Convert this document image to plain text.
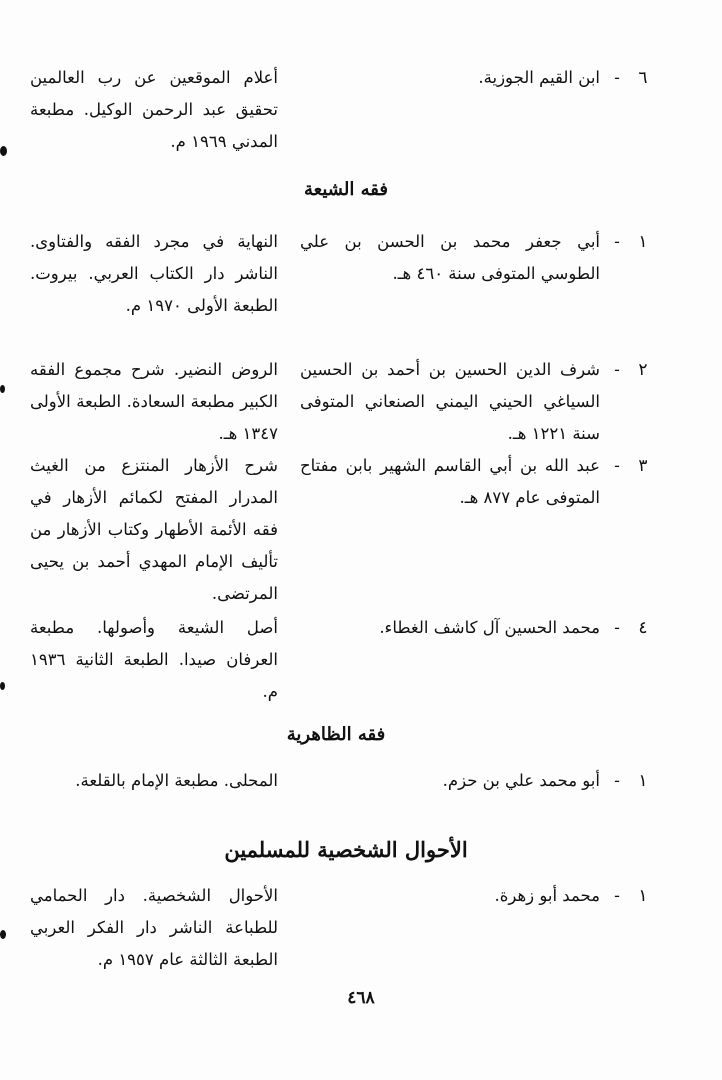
٦
-
ابن القيم الجوزية.
أعلام الموقعين عن رب العالمين تحقيق عبد الرحمن الوكيل. مطبعة المدني ١٩٦٩ م.
فقه الشيعة
١
-
أبي جعفر محمد بن الحسن بن علي الطوسي المتوفى سنة ٤٦٠ هـ.
النهاية في مجرد الفقه والفتاوى. الناشر دار الكتاب العربي. بيروت. الطبعة الأولى ١٩٧٠ م.
٢
-
شرف الدين الحسين بن أحمد بن الحسين السياغي الحيني اليمني الصنعاني المتوفى سنة ١٢٢١ هـ.
الروض النضير. شرح مجموع الفقه الكبير مطبعة السعادة. الطبعة الأولى ١٣٤٧ هـ.
٣
-
عبد الله بن أبي القاسم الشهير بابن مفتاح المتوفى عام ٨٧٧ هـ.
شرح الأزهار المنتزع من الغيث المدرار المفتح لكمائم الأزهار في فقه الأئمة الأطهار وكتاب الأزهار من تأليف الإمام المهدي أحمد بن يحيى المرتضى.
٤
-
محمد الحسين آل كاشف الغطاء.
أصل الشيعة وأصولها. مطبعة العرفان صيدا. الطبعة الثانية ١٩٣٦ م.
فقه الظاهرية
١
-
أبو محمد علي بن حزم.
المحلى. مطبعة الإمام بالقلعة.
الأحوال الشخصية للمسلمين
١
-
محمد أبو زهرة.
الأحوال الشخصية. دار الحمامي للطباعة الناشر دار الفكر العربي الطبعة الثالثة عام ١٩٥٧ م.
٤٦٨
